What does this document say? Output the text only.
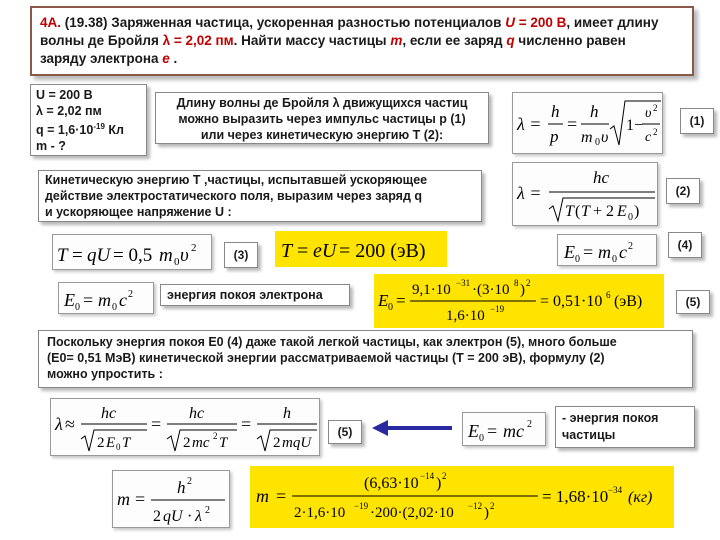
4А. (19.38) Заряженная частица, ускоренная разностью потенциалов U = 200 В, имеет длину
волны де Бройля λ = 2,02 пм. Найти массу частицы m, если ее заряд q численно равен
заряду электрона e .
U = 200 В
λ = 2,02 пм
$q = 1,6\cdot 10^{-19}$ Кл
m - ?
Длину волны де Бройля λ движущихся частиц
можно выразить через импульс частицы p (1)
или через кинетическую энергию T (2):
λ =
h
p
=
h
m 0 υ
1−
υ 2
c 2
(1)
Кинетическую энергию T ,частицы, испытавшей ускоряющее
действие электростатического поля, выразим через заряд q
и ускоряющее напряжение U :
λ =
hc
T ( T + 2 E 0 )
(2)
T = qU = 0,5 m 0 υ 2	(3)	T = eU = 200 (эВ)	E 0 = m 0 c 2	(4)
E 0 = m 0 c 2	энергия покоя электрона	E 0 =
9,1·10 −31 ·(3·10 8 ) 2
1,6·10 −19 = 0,51·10 6 (эВ)	(5)
Поскольку энергия покоя E0 (4) даже такой легкой частицы, как электрон (5), много больше
(E0= 0,51 МэВ) кинетической энергии рассматриваемой частицы (T = 200 эВ), формулу (2)
можно упростить :
λ ≈
hc
2 E 0 T
=
hc
2 mc 2 T
=
h
2 mqU
(5)	E 0 = mc 2 - энергия покоя
частицы
m =
h 2
2 qU · λ 2
m =
(6,63·10 −14 ) 2
2·1,6·10 −19 ·200·(2,02·10 −12 ) 2	= 1,68·10 −34 (кг)
